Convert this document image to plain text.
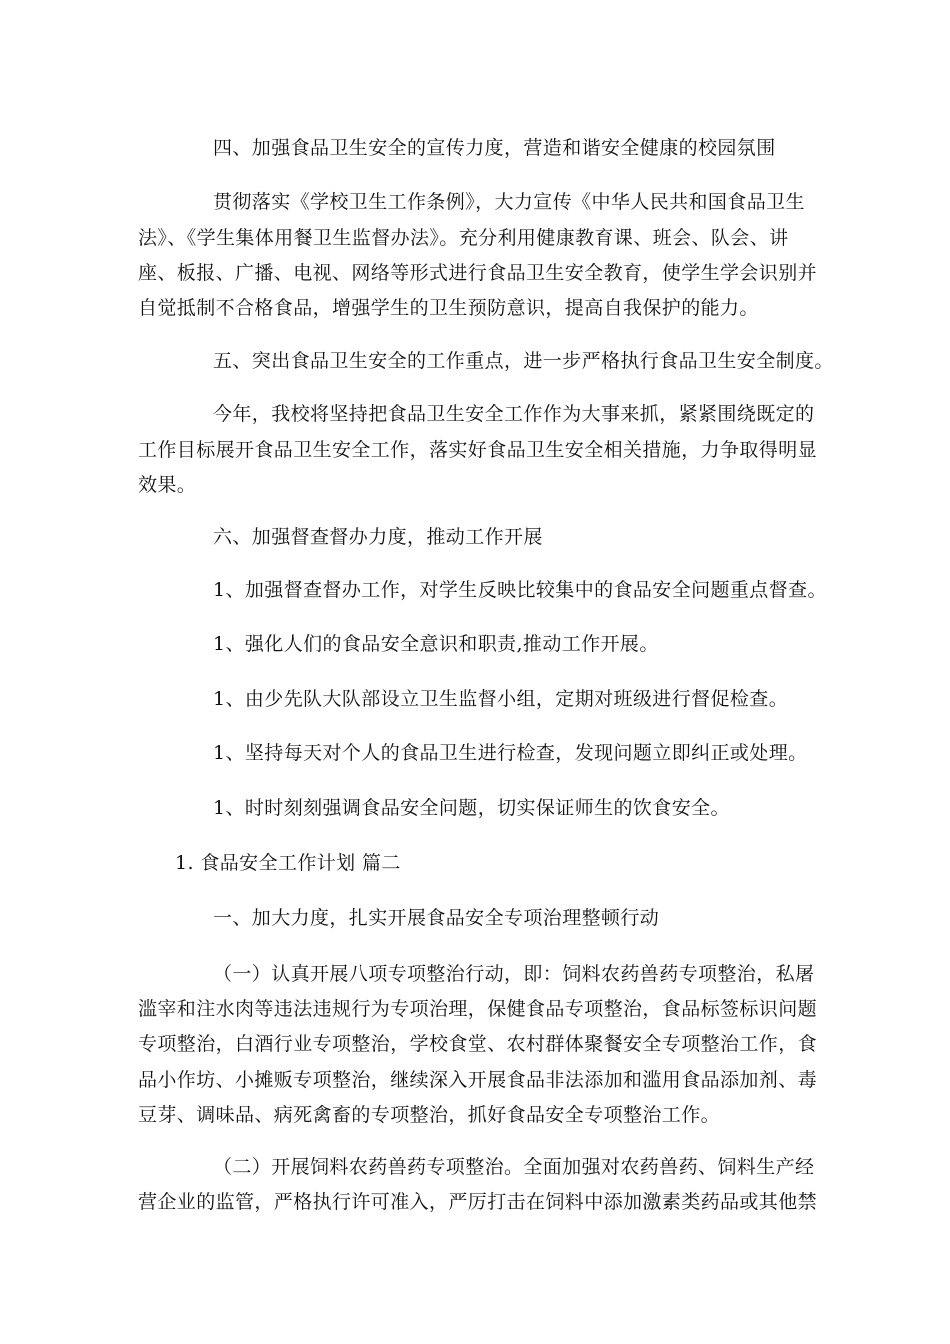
四、加强食品卫生安全的宣传力度，营造和谐安全健康的校园氛围
贯彻落实《学校卫生工作条例》，大力宣传《中华人民共和国食品卫生
法》、《学生集体用餐卫生监督办法》。充分利用健康教育课、班会、队会、讲
座、板报、广播、电视、网络等形式进行食品卫生安全教育，使学生学会识别并
自觉抵制不合格食品，增强学生的卫生预防意识，提高自我保护的能力。
五、突出食品卫生安全的工作重点，进一步严格执行食品卫生安全制度。
今年，我校将坚持把食品卫生安全工作作为大事来抓，紧紧围绕既定的
工作目标展开食品卫生安全工作，落实好食品卫生安全相关措施，力争取得明显
效果。
六、加强督查督办力度，推动工作开展
1、加强督查督办工作，对学生反映比较集中的食品安全问题重点督查。
1、强化人们的食品安全意识和职责,推动工作开展。
1、由少先队大队部设立卫生监督小组，定期对班级进行督促检查。
1、坚持每天对个人的食品卫生进行检查，发现问题立即纠正或处理。
1、时时刻刻强调食品安全问题，切实保证师生的饮食安全。
1. 食品安全工作计划 篇二
一、加大力度，扎实开展食品安全专项治理整顿行动
（一）认真开展八项专项整治行动，即：饲料农药兽药专项整治，私屠
滥宰和注水肉等违法违规行为专项治理，保健食品专项整治，食品标签标识问题
专项整治，白酒行业专项整治，学校食堂、农村群体聚餐安全专项整治工作，食
品小作坊、小摊贩专项整治，继续深入开展食品非法添加和滥用食品添加剂、毒
豆芽、调味品、病死禽畜的专项整治，抓好食品安全专项整治工作。
（二）开展饲料农药兽药专项整治。全面加强对农药兽药、饲料生产经
营企业的监管，严格执行许可准入，严厉打击在饲料中添加激素类药品或其他禁
